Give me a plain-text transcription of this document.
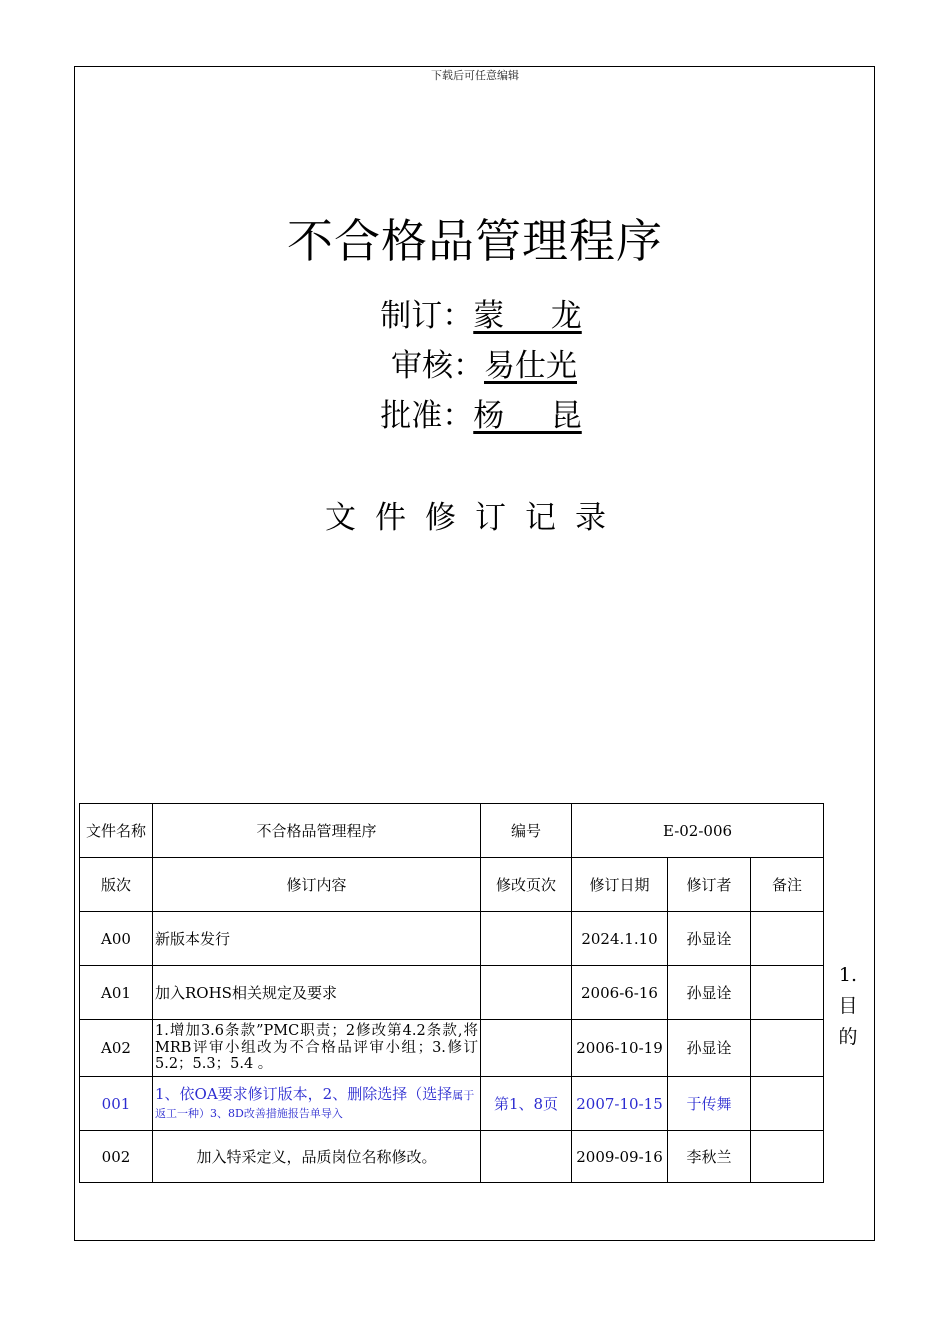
下载后可任意编辑
不合格品管理程序
制订：蒙　 龙
审核：易仕光
批准：杨　 昆
文件修订记录
文件名称	不合格品管理程序	编号	E-02-006		
版次	修订内容	修改页次	修订日期	修订者	备注
A00	新版本发行		2024.1.10	孙显诠	
A01	加入ROHS相关规定及要求		2006-6-16	孙显诠	
A02	1.增加3.6条款”PMC职责；2修改第4.2条款,将MRB评审小组改为不合格品评审小组；3.修订5.2；5.3；5.4 。		2006-10-19	孙显诠	
001	1、依OA要求修订版本，2、删除选择（选择属于返工一种）3、8D改善措施报告单导入	第1、8页	2007-10-15	于传舞	
002	加入特采定义，品质岗位名称修改。		2009-09-16	李秋兰	
1.
目
的
